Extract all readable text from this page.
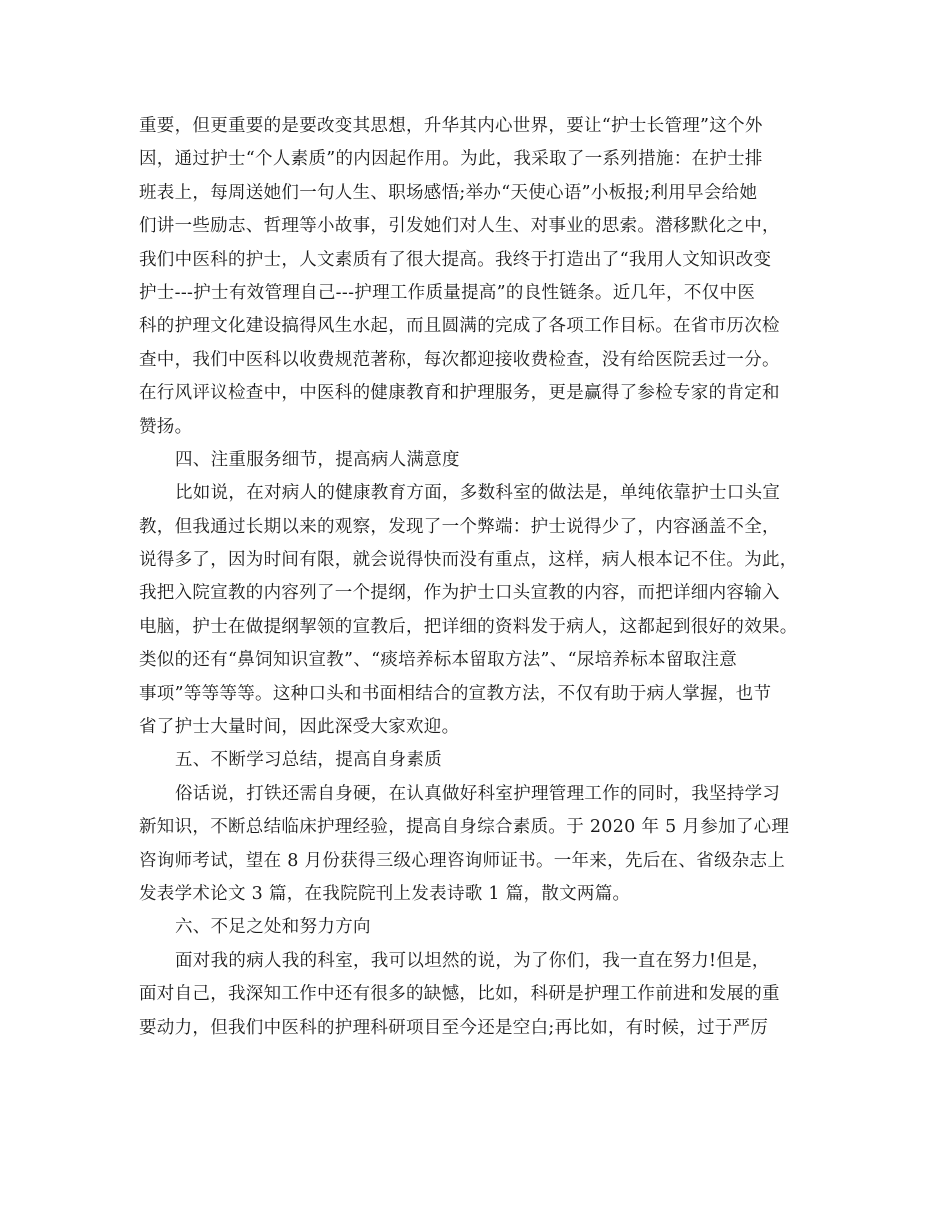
重要，但更重要的是要改变其思想，升华其内心世界，要让“护士长管理”这个外
因，通过护士“个人素质”的内因起作用。为此，我采取了一系列措施：在护士排
班表上，每周送她们一句人生、职场感悟;举办“天使心语”小板报;利用早会给她
们讲一些励志、哲理等小故事，引发她们对人生、对事业的思索。潜移默化之中，
我们中医科的护士，人文素质有了很大提高。我终于打造出了“我用人文知识改变
护士---护士有效管理自己---护理工作质量提高”的良性链条。近几年，不仅中医
科的护理文化建设搞得风生水起，而且圆满的完成了各项工作目标。在省市历次检
查中，我们中医科以收费规范著称，每次都迎接收费检查，没有给医院丢过一分。
在行风评议检查中，中医科的健康教育和护理服务，更是赢得了参检专家的肯定和
赞扬。
四、注重服务细节，提高病人满意度
比如说，在对病人的健康教育方面，多数科室的做法是，单纯依靠护士口头宣
教，但我通过长期以来的观察，发现了一个弊端：护士说得少了，内容涵盖不全，
说得多了，因为时间有限，就会说得快而没有重点，这样，病人根本记不住。为此，
我把入院宣教的内容列了一个提纲，作为护士口头宣教的内容，而把详细内容输入
电脑，护士在做提纲挈领的宣教后，把详细的资料发于病人，这都起到很好的效果。
类似的还有“鼻饲知识宣教”、“痰培养标本留取方法”、“尿培养标本留取注意
事项”等等等等。这种口头和书面相结合的宣教方法，不仅有助于病人掌握，也节
省了护士大量时间，因此深受大家欢迎。
五、不断学习总结，提高自身素质
俗话说，打铁还需自身硬，在认真做好科室护理管理工作的同时，我坚持学习
新知识，不断总结临床护理经验，提高自身综合素质。于 2020 年 5 月参加了心理
咨询师考试，望在 8 月份获得三级心理咨询师证书。一年来，先后在、省级杂志上
发表学术论文 3 篇，在我院院刊上发表诗歌 1 篇，散文两篇。
六、不足之处和努力方向
面对我的病人我的科室，我可以坦然的说，为了你们，我一直在努力!但是，
面对自己，我深知工作中还有很多的缺憾，比如，科研是护理工作前进和发展的重
要动力，但我们中医科的护理科研项目至今还是空白;再比如，有时候，过于严厉
